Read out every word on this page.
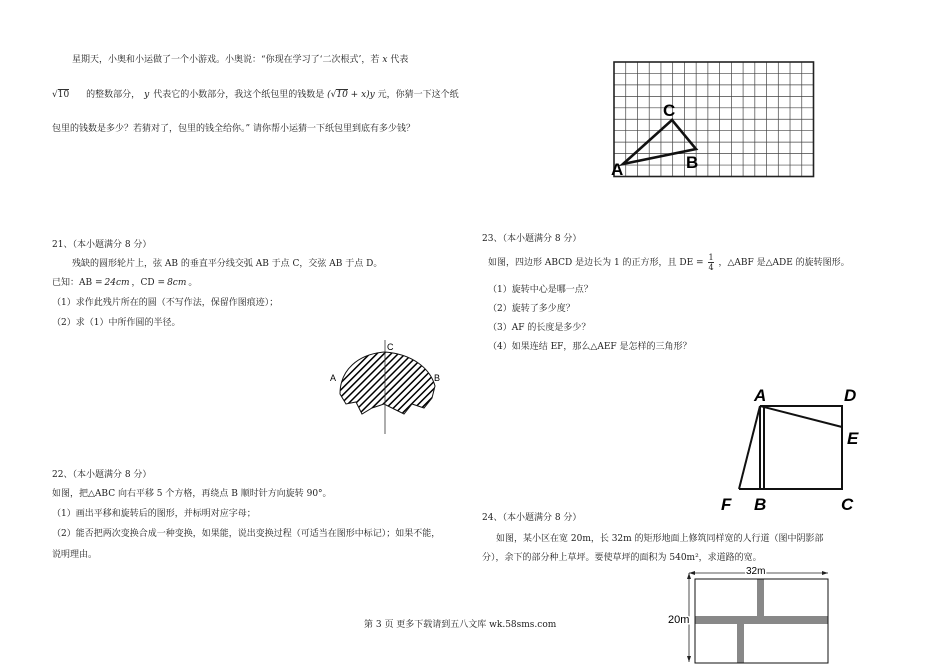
星期天，小奥和小运做了一个小游戏。小奥说：“你现在学习了‘二次根式’，若 x 代表
√10 的整数部分， y 代表它的小数部分，我这个纸包里的钱数是 (√10 + x)y 元，你猜一下这个纸
包里的钱数是多少？若猜对了，包里的钱全给你。” 请你帮小运猜一下纸包里到底有多少钱？
C
A	B
21、（本小题满分 8 分）
残缺的圆形轮片上，弦 AB 的垂直平分线交弧 AB 于点 C，交弦 AB 于点 D。
已知：AB = 24cm ，CD = 8cm 。
（1）求作此残片所在的圆（不写作法，保留作图痕迹）；
（2）求（1）中所作圆的半径。
C
A	B
22、（本小题满分 8 分）
如图，把△ABC 向右平移 5 个方格，再绕点 B 顺时针方向旋转 90°。
（1）画出平移和旋转后的图形，并标明对应字母；
（2）能否把两次变换合成一种变换，如果能，说出变换过程（可适当在图形中标记）；如果不能，
说明理由。
23、（本小题满分 8 分）
如图，四边形 ABCD 是边长为 1 的正方形，且 DE = $\frac{1}{4}$ ，△ABF 是△ADE 的旋转图形。
（1）旋转中心是哪一点？
（2）旋转了多少度？
（3）AF 的长度是多少？
（4）如果连结 EF，那么△AEF 是怎样的三角形？
A	D
E
F B	C
24、（本小题满分 8 分）
如图，某小区在宽 20m，长 32m 的矩形地面上修筑同样宽的人行道（图中阴影部
分），余下的部分种上草坪。要使草坪的面积为 540m²，求道路的宽。
32m
20m
第 3 页 更多下载请到五八文库 wk.58sms.com
